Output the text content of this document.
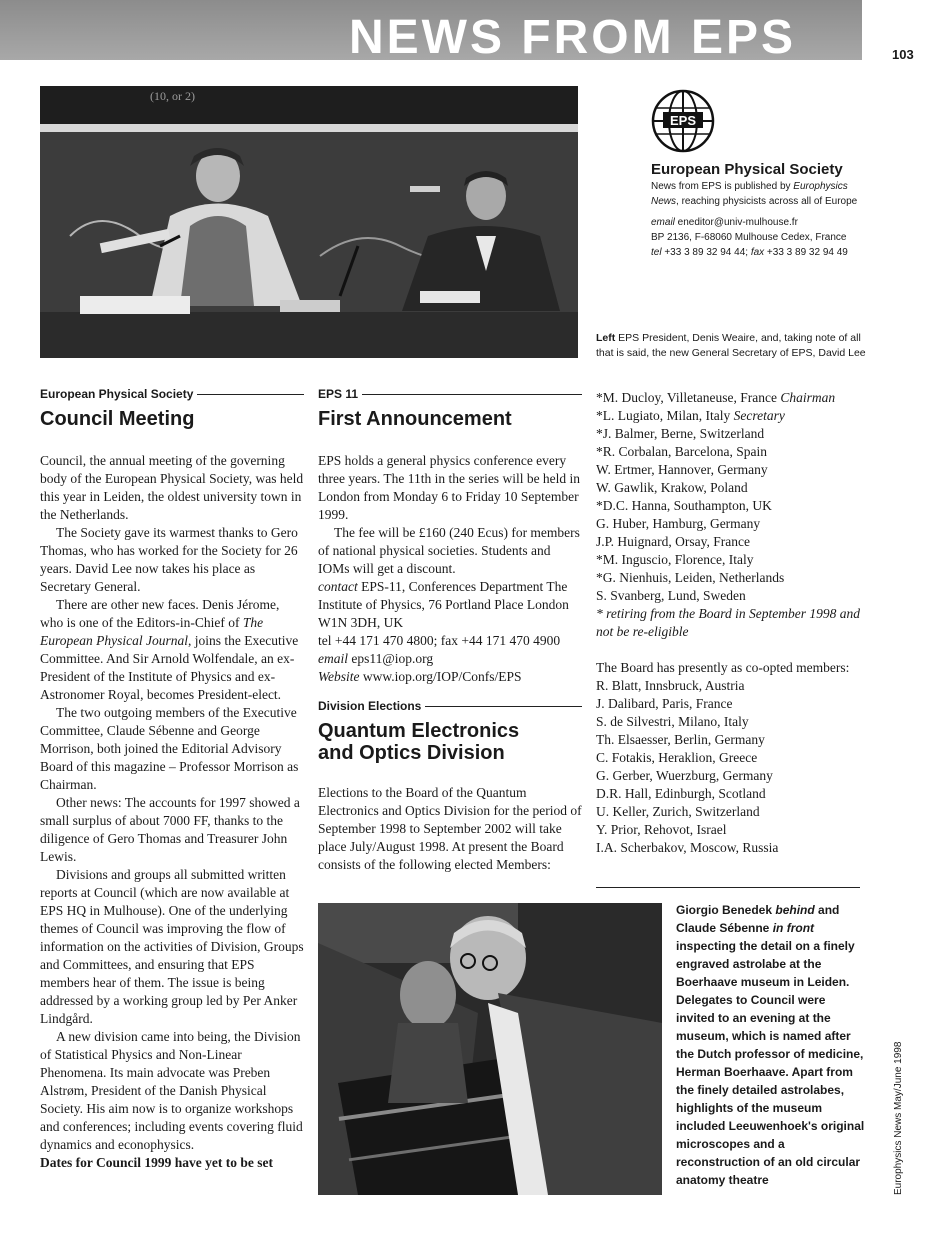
NEWS FROM EPS	103
(10, or 2)
EPS
European Physical Society

News from EPS is published by Europhysics
News, reaching physicists across all of Europe

email eneditor@univ-mulhouse.fr
BP 2136, F-68060 Mulhouse Cedex, France
tel +33 3 89 32 94 44; fax +33 3 89 32 94 49

Left EPS President, Denis Weaire, and, taking note of all that is said, the new General Secretary of EPS, David Lee
European Physical Society
Council Meeting

Council, the annual meeting of the governing body of the European Physical Society, was held this year in Leiden, the oldest university town in the Netherlands.

The Society gave its warmest thanks to Gero Thomas, who has worked for the Society for 26 years. David Lee now takes his place as Secretary General.

There are other new faces. Denis Jérome, who is one of the Editors-in-Chief of The European Physical Journal, joins the Executive Committee. And Sir Arnold Wolfendale, an ex-President of the Institute of Physics and ex-Astronomer Royal, becomes President-elect.

The two outgoing members of the Executive Committee, Claude Sébenne and George Morrison, both joined the Editorial Advisory Board of this magazine – Professor Morrison as Chairman.

Other news: The accounts for 1997 showed a small surplus of about 7000 FF, thanks to the diligence of Gero Thomas and Treasurer John Lewis.

Divisions and groups all submitted written reports at Council (which are now available at EPS HQ in Mulhouse). One of the underlying themes of Council was improving the flow of information on the activities of Division, Groups and Committees, and ensuring that EPS members hear of them. The issue is being addressed by a working group led by Per Anker Lindgård.

A new division came into being, the Division of Statistical Physics and Non-Linear Phenomena. Its main advocate was Preben Alstrøm, President of the Danish Physical Society. His aim now is to organize workshops and conferences; including events covering fluid dynamics and econophysics.

Dates for Council 1999 have yet to be set

EPS 11
First Announcement

EPS holds a general physics conference every three years. The 11th in the series will be held in London from Monday 6 to Friday 10 September 1999.

The fee will be £160 (240 Ecus) for members of national physical societies. Students and IOMs will get a discount.

contact EPS-11, Conferences Department The Institute of Physics, 76 Portland Place London W1N 3DH, UK

tel +44 171 470 4800; fax +44 171 470 4900

email eps11@iop.org

Website www.iop.org/IOP/Confs/EPS

Division Elections
Quantum Electronics
and Optics Division

Elections to the Board of the Quantum Electronics and Optics Division for the period of September 1998 to September 2002 will take place July/August 1998. At present the Board consists of the following elected Members:

*M. Ducloy, Villetaneuse, France Chairman
*L. Lugiato, Milan, Italy Secretary
*J. Balmer, Berne, Switzerland
*R. Corbalan, Barcelona, Spain
W. Ertmer, Hannover, Germany
W. Gawlik, Krakow, Poland
*D.C. Hanna, Southampton, UK
G. Huber, Hamburg, Germany
J.P. Huignard, Orsay, France
*M. Inguscio, Florence, Italy
*G. Nienhuis, Leiden, Netherlands
S. Svanberg, Lund, Sweden

* retiring from the Board in September 1998 and not be re-eligible

The Board has presently as co-opted members:

R. Blatt, Innsbruck, Austria
J. Dalibard, Paris, France
S. de Silvestri, Milano, Italy
Th. Elsaesser, Berlin, Germany
C. Fotakis, Heraklion, Greece
G. Gerber, Wuerzburg, Germany
D.R. Hall, Edinburgh, Scotland
U. Keller, Zurich, Switzerland
Y. Prior, Rehovot, Israel
I.A. Scherbakov, Moscow, Russia
Giorgio Benedek behind and Claude Sébenne in front inspecting the detail on a finely engraved astrolabe at the Boerhaave museum in Leiden. Delegates to Council were invited to an evening at the museum, which is named after the Dutch professor of medicine, Herman Boerhaave. Apart from the finely detailed astrolabes, highlights of the museum included Leeuwenhoek's original microscopes and a reconstruction of an old circular anatomy theatre	Europhysics News May/June 1998
